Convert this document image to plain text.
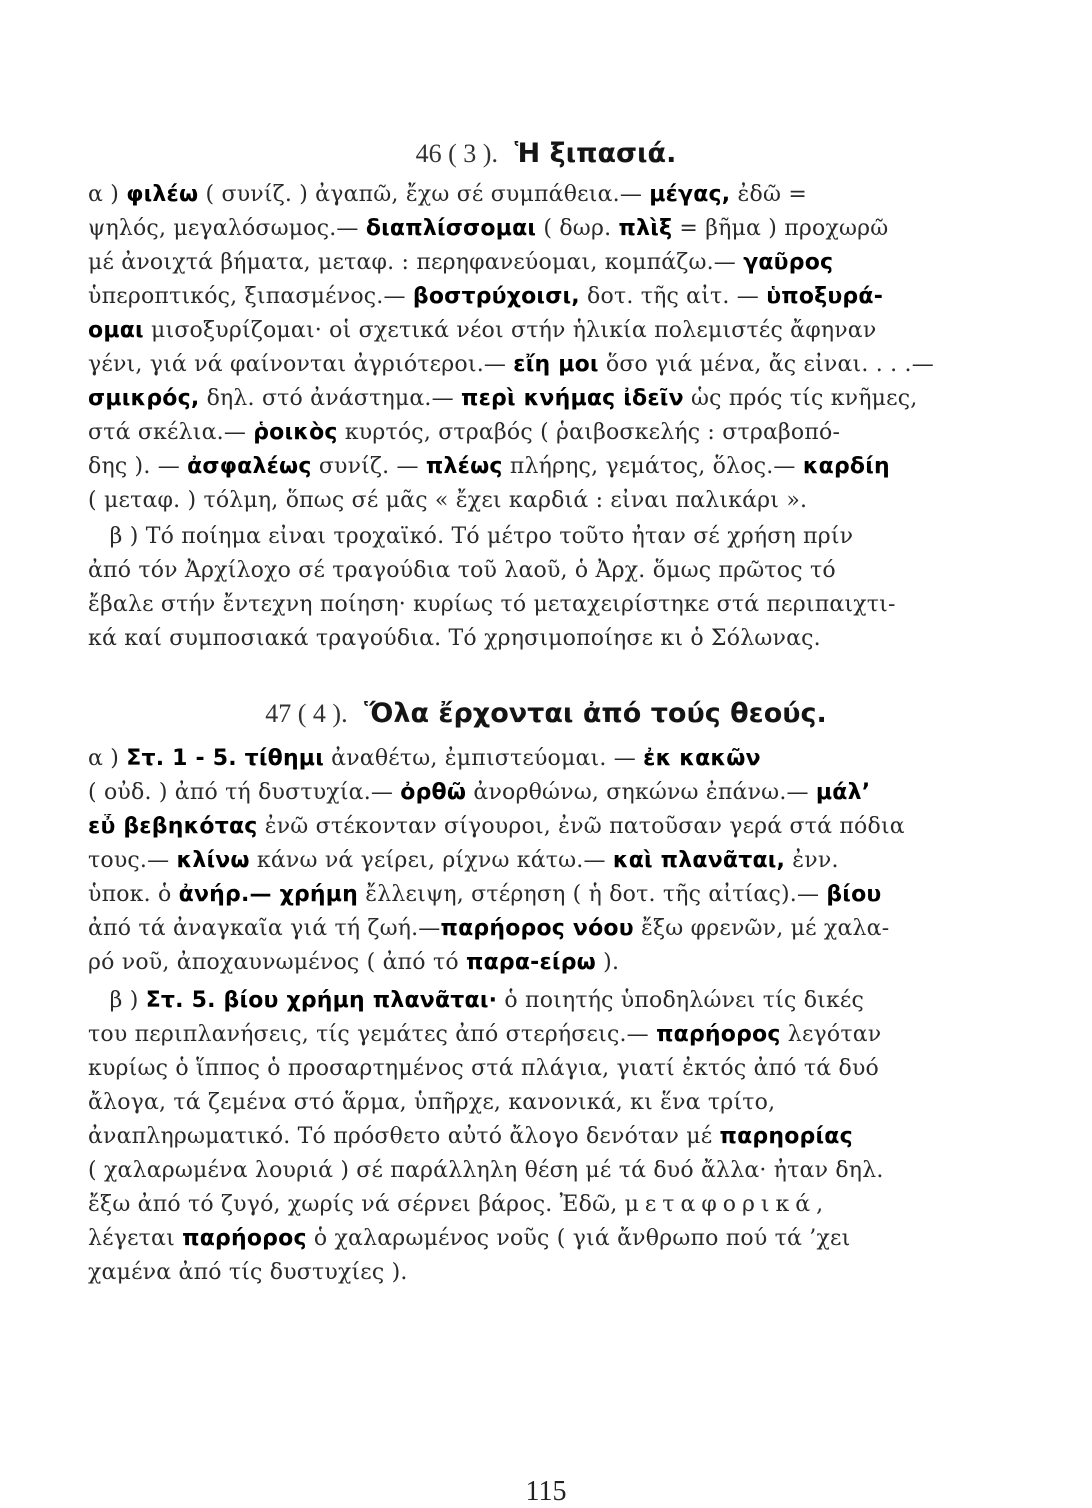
46 ( 3 ). Ἡ ξιπασιά.
α ) φιλέω ( συνίζ. ) ἀγαπῶ, ἔχω σέ συμπάθεια.— μέγας, ἐδῶ =
ψηλός, μεγαλόσωμος.— διαπλίσσομαι ( δωρ. πλὶξ = βῆμα ) προχωρῶ
μέ ἀνοιχτά βήματα, μεταφ. : περηφανεύομαι, κομπάζω.— γαῦρος
ὑπεροπτικός, ξιπασμένος.— βοστρύχοισι, δοτ. τῆς αἰτ. — ὑποξυρά-
ομαι μισοξυρίζομαι· οἱ σχετικά νέοι στήν ἡλικία πολεμιστές ἄφηναν
γένι, γιά νά φαίνονται ἀγριότεροι.— εἴη μοι ὅσο γιά μένα, ἄς εἶναι. . . .—
σμικρός, δηλ. στό ἀνάστημα.— περὶ κνήμας ἰδεῖν ὡς πρός τίς κνῆμες,
στά σκέλια.— ῥοικὸς κυρτός, στραβός ( ῥαιβοσκελής : στραβοπό-
δης ). — ἀσφαλέως συνίζ. — πλέως πλήρης, γεμάτος, ὅλος.— καρδίη
( μεταφ. ) τόλμη, ὅπως σέ μᾶς « ἔχει καρδιά : εἶναι παλικάρι ».
β ) Τό ποίημα εἶναι τροχαϊκό. Τό μέτρο τοῦτο ἦταν σέ χρήση πρίν
ἀπό τόν Ἀρχίλοχο σέ τραγούδια τοῦ λαοῦ, ὁ Ἀρχ. ὅμως πρῶτος τό
ἔβαλε στήν ἔντεχνη ποίηση· κυρίως τό μεταχειρίστηκε στά περιπαιχτι-
κά καί συμποσιακά τραγούδια. Τό χρησιμοποίησε κι ὁ Σόλωνας.
47 ( 4 ). Ὅλα ἔρχονται ἀπό τούς θεούς.
α ) Στ. 1 - 5. τίθημι ἀναθέτω, ἐμπιστεύομαι. — ἐκ κακῶν
( οὐδ. ) ἀπό τή δυστυχία.— ὀρθῶ ἀνορθώνω, σηκώνω ἐπάνω.— μάλ’
εὖ βεβηκότας ἐνῶ στέκονταν σίγουροι, ἐνῶ πατοῦσαν γερά στά πόδια
τους.— κλίνω κάνω νά γείρει, ρίχνω κάτω.— καὶ πλανᾶται, ἐνν.
ὑποκ. ὁ ἀνήρ.— χρήμη ἔλλειψη, στέρηση ( ἡ δοτ. τῆς αἰτίας).— βίου
ἀπό τά ἀναγκαῖα γιά τή ζωή.—παρήορος νόου ἔξω φρενῶν, μέ χαλα-
ρό νοῦ, ἀποχαυνωμένος ( ἀπό τό παρα-είρω ).
β ) Στ. 5. βίου χρήμη πλανᾶται· ὁ ποιητής ὑποδηλώνει τίς δικές
του περιπλανήσεις, τίς γεμάτες ἀπό στερήσεις.— παρήορος λεγόταν
κυρίως ὁ ἵππος ὁ προσαρτημένος στά πλάγια, γιατί ἐκτός ἀπό τά δυό
ἄλογα, τά ζεμένα στό ἅρμα, ὑπῆρχε, κανονικά, κι ἕνα τρίτο,
ἀναπληρωματικό. Τό πρόσθετο αὐτό ἄλογο δενόταν μέ παρηορίας
( χαλαρωμένα λουριά ) σέ παράλληλη θέση μέ τά δυό ἄλλα· ἦταν δηλ.
ἔξω ἀπό τό ζυγό, χωρίς νά σέρνει βάρος. Ἐδῶ, μεταφορικά,
λέγεται παρήορος ὁ χαλαρωμένος νοῦς ( γιά ἄνθρωπο πού τά ’χει
χαμένα ἀπό τίς δυστυχίες ).
115
